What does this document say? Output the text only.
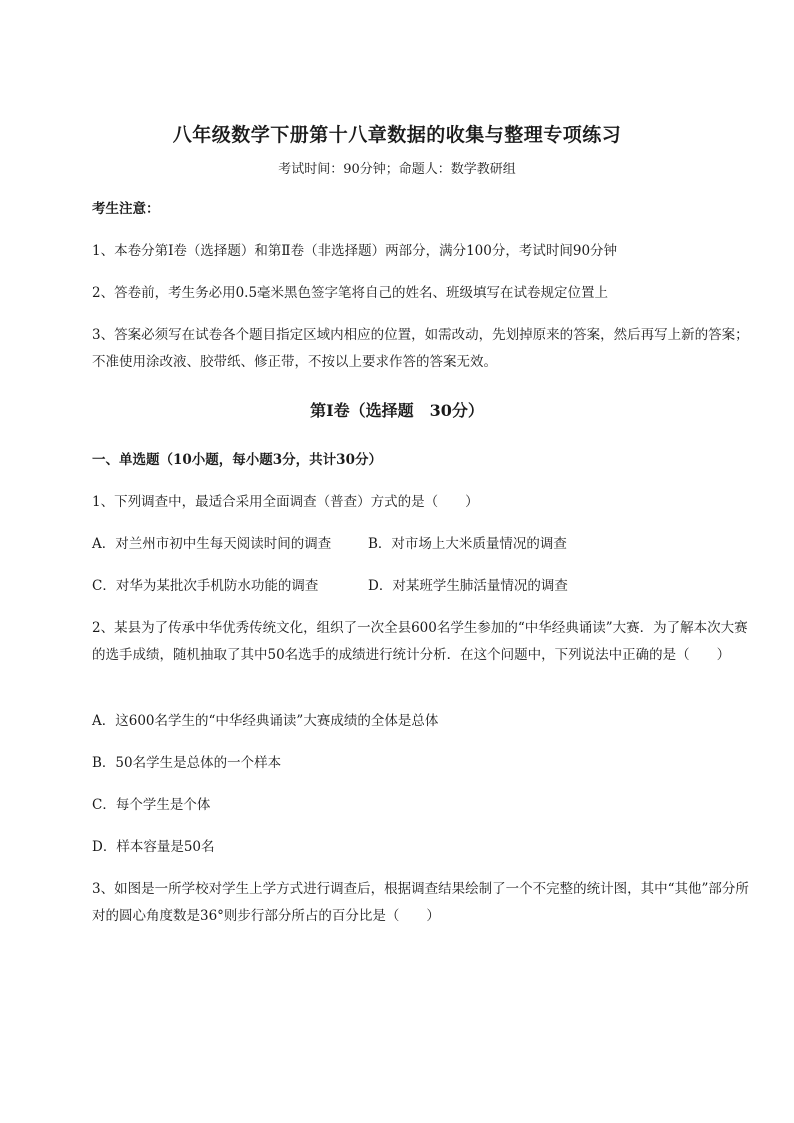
八年级数学下册第十八章数据的收集与整理专项练习
考试时间：90分钟；命题人：数学教研组
考生注意：
1、本卷分第Ⅰ卷（选择题）和第Ⅱ卷（非选择题）两部分，满分100分，考试时间90分钟
2、答卷前，考生务必用0.5毫米黑色签字笔将自己的姓名、班级填写在试卷规定位置上
3、答案必须写在试卷各个题目指定区域内相应的位置，如需改动，先划掉原来的答案，然后再写上新的答案；不准使用涂改液、胶带纸、修正带，不按以上要求作答的答案无效。
第Ⅰ卷（选择题　30分）
一、单选题（10小题，每小题3分，共计30分）
1、下列调查中，最适合采用全面调查（普查）方式的是（　　）
A．对兰州市初中生每天阅读时间的调查	B．对市场上大米质量情况的调查
C．对华为某批次手机防水功能的调查	D．对某班学生肺活量情况的调查
2、某县为了传承中华优秀传统文化，组织了一次全县600名学生参加的“中华经典诵读”大赛．为了解本次大赛的选手成绩，随机抽取了其中50名选手的成绩进行统计分析．在这个问题中，下列说法中正确的是（　　）
A．这600名学生的“中华经典诵读”大赛成绩的全体是总体
B．50名学生是总体的一个样本
C．每个学生是个体
D．样本容量是50名
3、如图是一所学校对学生上学方式进行调查后，根据调查结果绘制了一个不完整的统计图，其中“其他”部分所对的圆心角度数是36°则步行部分所占的百分比是（　　）
